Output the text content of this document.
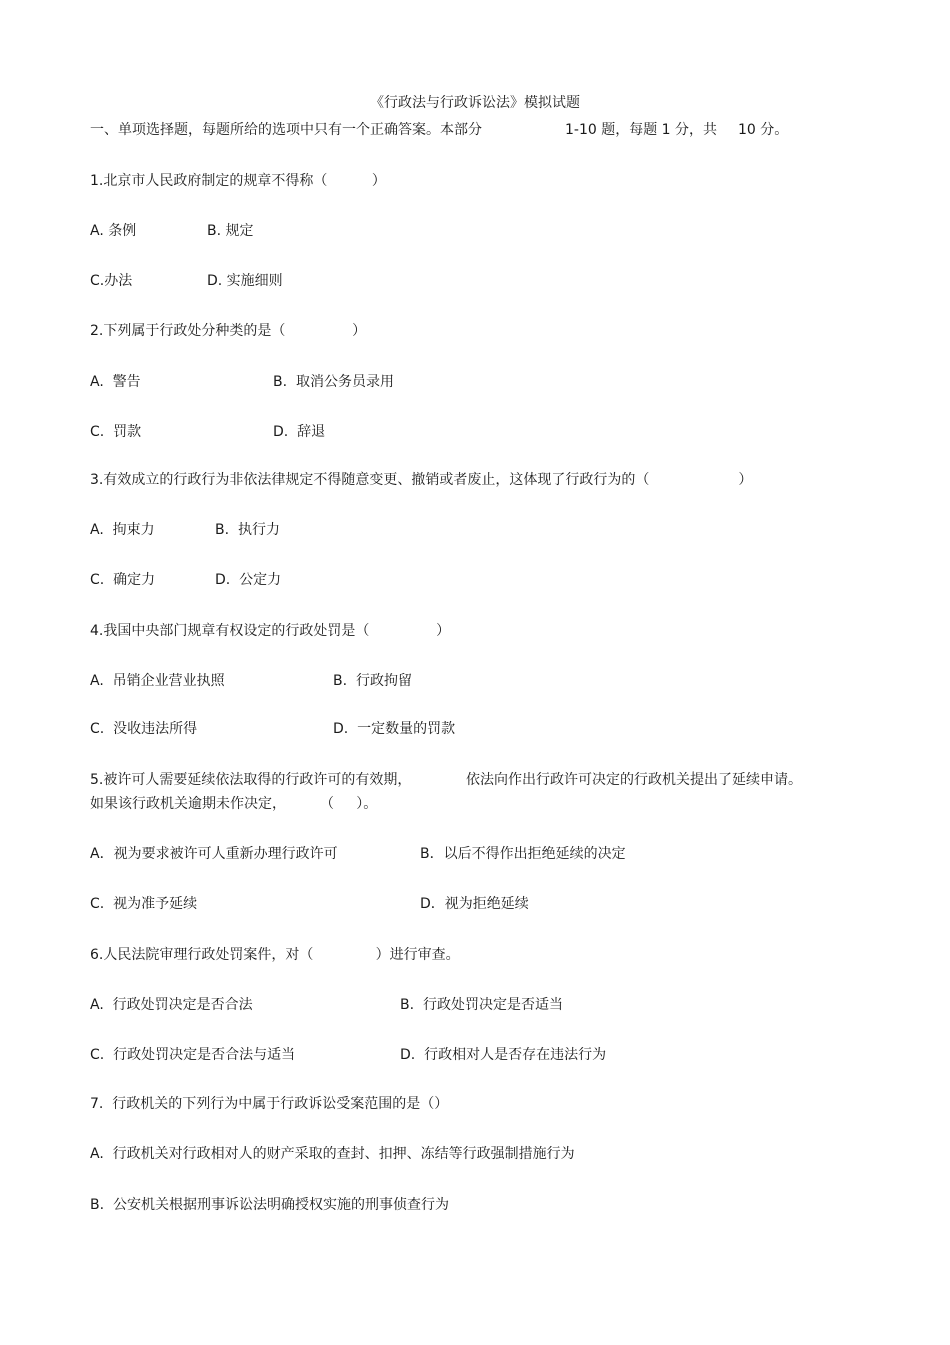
《行政法与行政诉讼法》模拟试题
一、单项选择题，每题所给的选项中只有一个正确答案。本部分	1-10 题，每题 1 分，共 10 分。
1.北京市人民政府制定的规章不得称（          ）
A. 条例	B. 规定
C.办法	D. 实施细则
2.下列属于行政处分种类的是（               ）
A.  警告	B.  取消公务员录用
C.  罚款	D.  辞退
3.有效成立的行政行为非依法律规定不得随意变更、撤销或者废止，这体现了行政行为的（                    ）
A.  拘束力	B.  执行力
C.  确定力	D.  公定力
4.我国中央部门规章有权设定的行政处罚是（               ）
A.  吊销企业营业执照	B.  行政拘留
C.  没收违法所得	D.  一定数量的罚款
5.被许可人需要延续依法取得的行政许可的有效期，	依法向作出行政许可决定的行政机关提出了延续申请。
如果该行政机关逾期未作决定， （     ）。
A．视为要求被许可人重新办理行政许可	B．以后不得作出拒绝延续的决定
C.  视为准予延续	D．视为拒绝延续
6.人民法院审理行政处罚案件，对（              ）进行审查。
A.  行政处罚决定是否合法	B.  行政处罚决定是否适当
C.  行政处罚决定是否合法与适当	D.  行政相对人是否存在违法行为
7.  行政机关的下列行为中属于行政诉讼受案范围的是（）
A.  行政机关对行政相对人的财产采取的查封、扣押、冻结等行政强制措施行为
B.  公安机关根据刑事诉讼法明确授权实施的刑事侦查行为
